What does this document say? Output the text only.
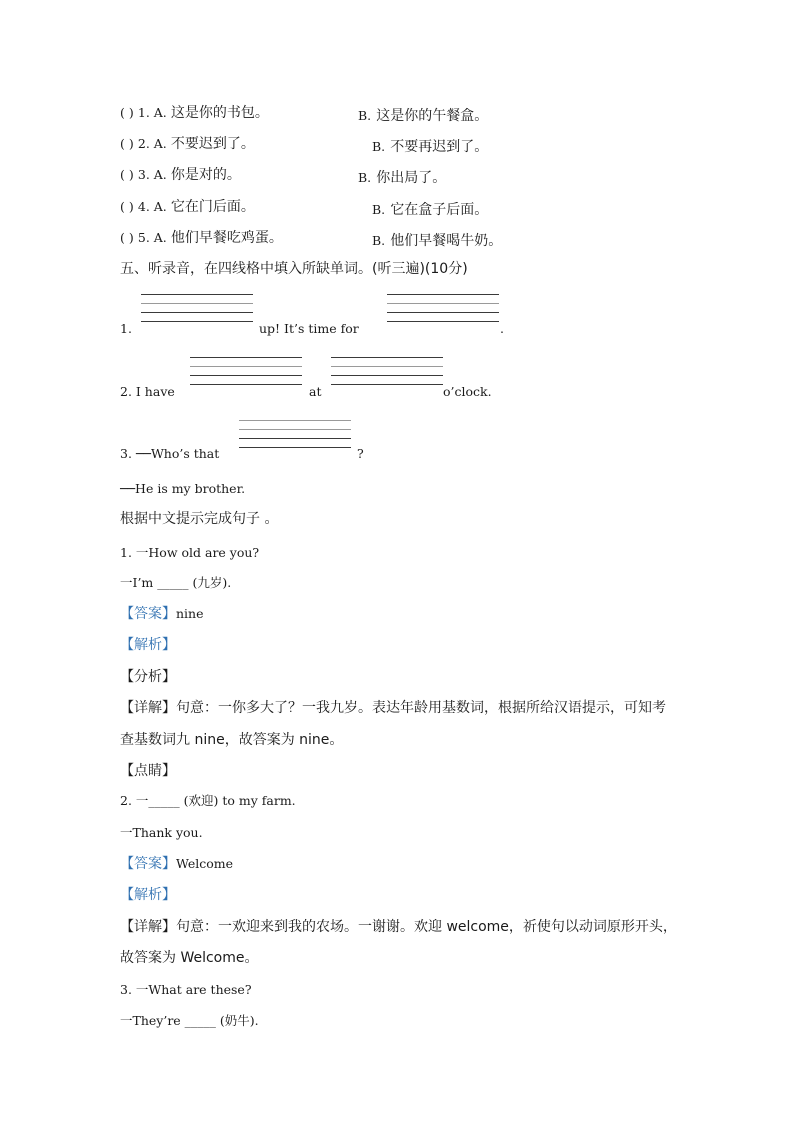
( ) 1. A. 这是你的书包。	B. 这是你的午餐盒。
( ) 2. A. 不要迟到了。	B. 不要再迟到了。
( ) 3. A. 你是对的。	B. 你出局了。
( ) 4. A. 它在门后面。	B. 它在盒子后面。
( ) 5. A. 他们早餐吃鸡蛋。	B. 他们早餐喝牛奶。
五、听录音，在四线格中填入所缺单词。(听三遍)(10分)
1.	up! It’s time for	.
2. I have	at	o’clock.
3. ──Who’s that	?
──He is my brother.
根据中文提示完成句子 。
1. 一How old are you?
一I’m _____ (九岁).
【答案】nine
【解析】
【分析】
【详解】句意：一你多大了？一我九岁。表达年龄用基数词，根据所给汉语提示，可知考
查基数词九 nine，故答案为 nine。
【点睛】
2. 一_____ (欢迎) to my farm.
一Thank you.
【答案】Welcome
【解析】
【详解】句意：一欢迎来到我的农场。一谢谢。欢迎 welcome，祈使句以动词原形开头，
故答案为 Welcome。
3. 一What are these?
一They’re _____ (奶牛).
